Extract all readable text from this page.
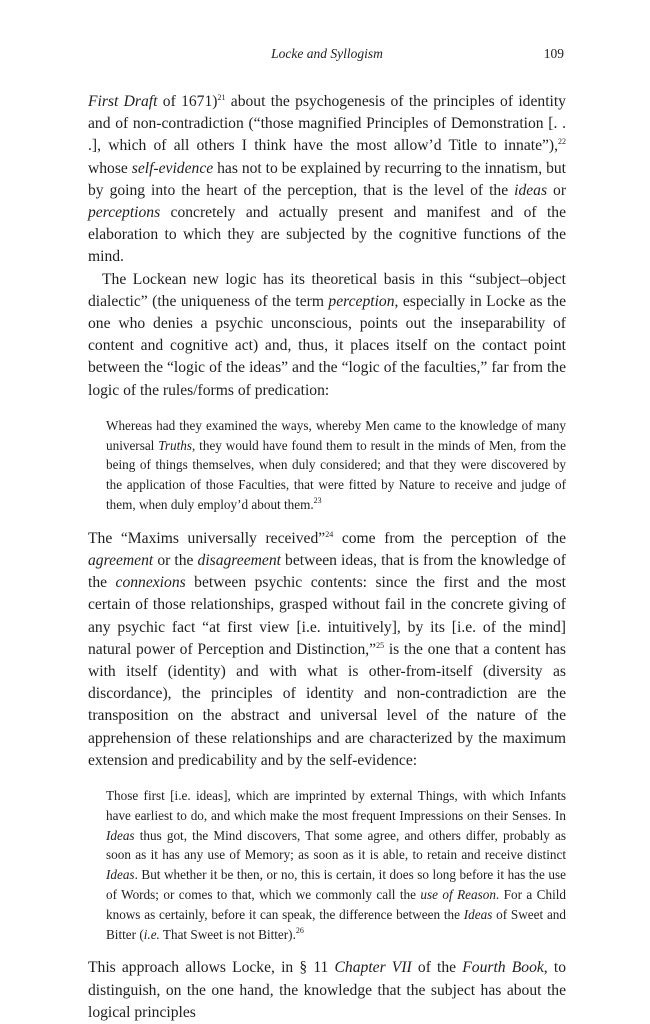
Locke and Syllogism	109

First Draft of 1671)$^{21}$ about the psychogenesis of the principles of identity and of non-contradiction (“those magnified Principles of Demonstration [. . .], which of all others I think have the most allow’d Title to innate”),$^{22}$ whose self-evidence has not to be explained by recurring to the innatism, but by going into the heart of the perception, that is the level of the ideas or perceptions concretely and actually present and manifest and of the elaboration to which they are subjected by the cognitive functions of the mind.

The Lockean new logic has its theoretical basis in this “subject–object dialectic” (the uniqueness of the term perception, especially in Locke as the one who denies a psychic unconscious, points out the inseparability of content and cognitive act) and, thus, it places itself on the contact point between the “logic of the ideas” and the “logic of the faculties,” far from the logic of the rules/forms of predication:

Whereas had they examined the ways, whereby Men came to the knowledge of many universal Truths, they would have found them to result in the minds of Men, from the being of things themselves, when duly considered; and that they were discovered by the application of those Faculties, that were fitted by Nature to receive and judge of them, when duly employ’d about them.$^{23}$

The “Maxims universally received”$^{24}$ come from the perception of the agreement or the disagreement between ideas, that is from the knowledge of the connexions between psychic contents: since the first and the most certain of those relationships, grasped without fail in the concrete giving of any psychic fact “at first view [i.e. intuitively], by its [i.e. of the mind] natural power of Perception and Distinction,”$^{25}$ is the one that a content has with itself (identity) and with what is other-from-itself (diversity as discordance), the principles of identity and non-contradiction are the transposition on the abstract and universal level of the nature of the apprehension of these relationships and are characterized by the maximum extension and predicability and by the self-evidence:

Those first [i.e. ideas], which are imprinted by external Things, with which Infants have earliest to do, and which make the most frequent Impressions on their Senses. In Ideas thus got, the Mind discovers, That some agree, and others differ, probably as soon as it has any use of Memory; as soon as it is able, to retain and receive distinct Ideas. But whether it be then, or no, this is certain, it does so long before it has the use of Words; or comes to that, which we commonly call the use of Reason. For a Child knows as certainly, before it can speak, the difference between the Ideas of Sweet and Bitter (i.e. That Sweet is not Bitter).$^{26}$

This approach allows Locke, in § 11 Chapter VII of the Fourth Book, to distinguish, on the one hand, the knowledge that the subject has about the logical principles
